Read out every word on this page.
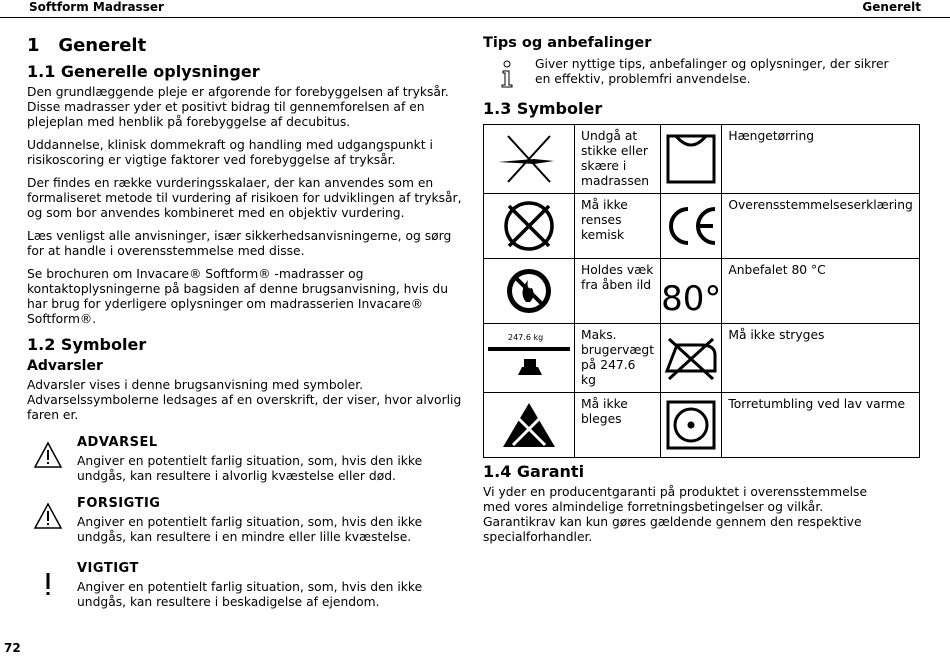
Softform Madrasser	Generelt
1   Generelt
1.1 Generelle oplysninger

Den grundlæggende pleje er afgorende for forebyggelsen af tryksår. Disse madrasser yder et positivt bidrag til gennemforelsen af en plejeplan med henblik på forebyggelse af decubitus.

Uddannelse, klinisk dommekraft og handling med udgangspunkt i risikoscoring er vigtige faktorer ved forebyggelse af tryksår.

Der findes en række vurderingsskalaer, der kan anvendes som en formaliseret metode til vurdering af risikoen for udviklingen af tryksår, og som bor anvendes kombineret med en objektiv vurdering.

Læs venligst alle anvisninger, især sikkerhedsanvisningerne, og sørg for at handle i overensstemmelse med disse.

Se brochuren om Invacare® Softform® -madrasser og kontaktoplysningerne på bagsiden af denne brugsanvisning, hvis du har brug for yderligere oplysninger om madrasserien Invacare® Softform®.

1.2 Symboler
Advarsler

Advarsler vises i denne brugsanvisning med symboler. Advarselssymbolerne ledsages af en overskrift, der viser, hvor alvorlig faren er.

ADVARSEL

Angiver en potentielt farlig situation, som, hvis den ikke undgås, kan resultere i alvorlig kvæstelse eller død.

FORSIGTIG

Angiver en potentielt farlig situation, som, hvis den ikke undgås, kan resultere i en mindre eller lille kvæstelse.

VIGTIGT

Angiver en potentielt farlig situation, som, hvis den ikke undgås, kan resultere i beskadigelse af ejendom.

Tips og anbefalinger

Giver nyttige tips, anbefalinger og oplysninger, der sikrer en effektiv, problemfri anvendelse.

1.3 Symboler
	Undgå at stikke eller skære i madrassen		Hængetørring

	Må ikke renses kemisk		Overensstemmelseserklæring

	Holdes væk fra åben ild	80°	Anbefalet 80 °C

247.6 kg	Maks. brugervægt på 247.6 kg		Må ikke stryges

	Må ikke bleges		Torretumbling ved lav varme
1.4 Garanti

Vi yder en producentgaranti på produktet i overensstemmelse med vores almindelige forretningsbetingelser og vilkår. Garantikrav kan kun gøres gældende gennem den respektive specialforhandler.

72
